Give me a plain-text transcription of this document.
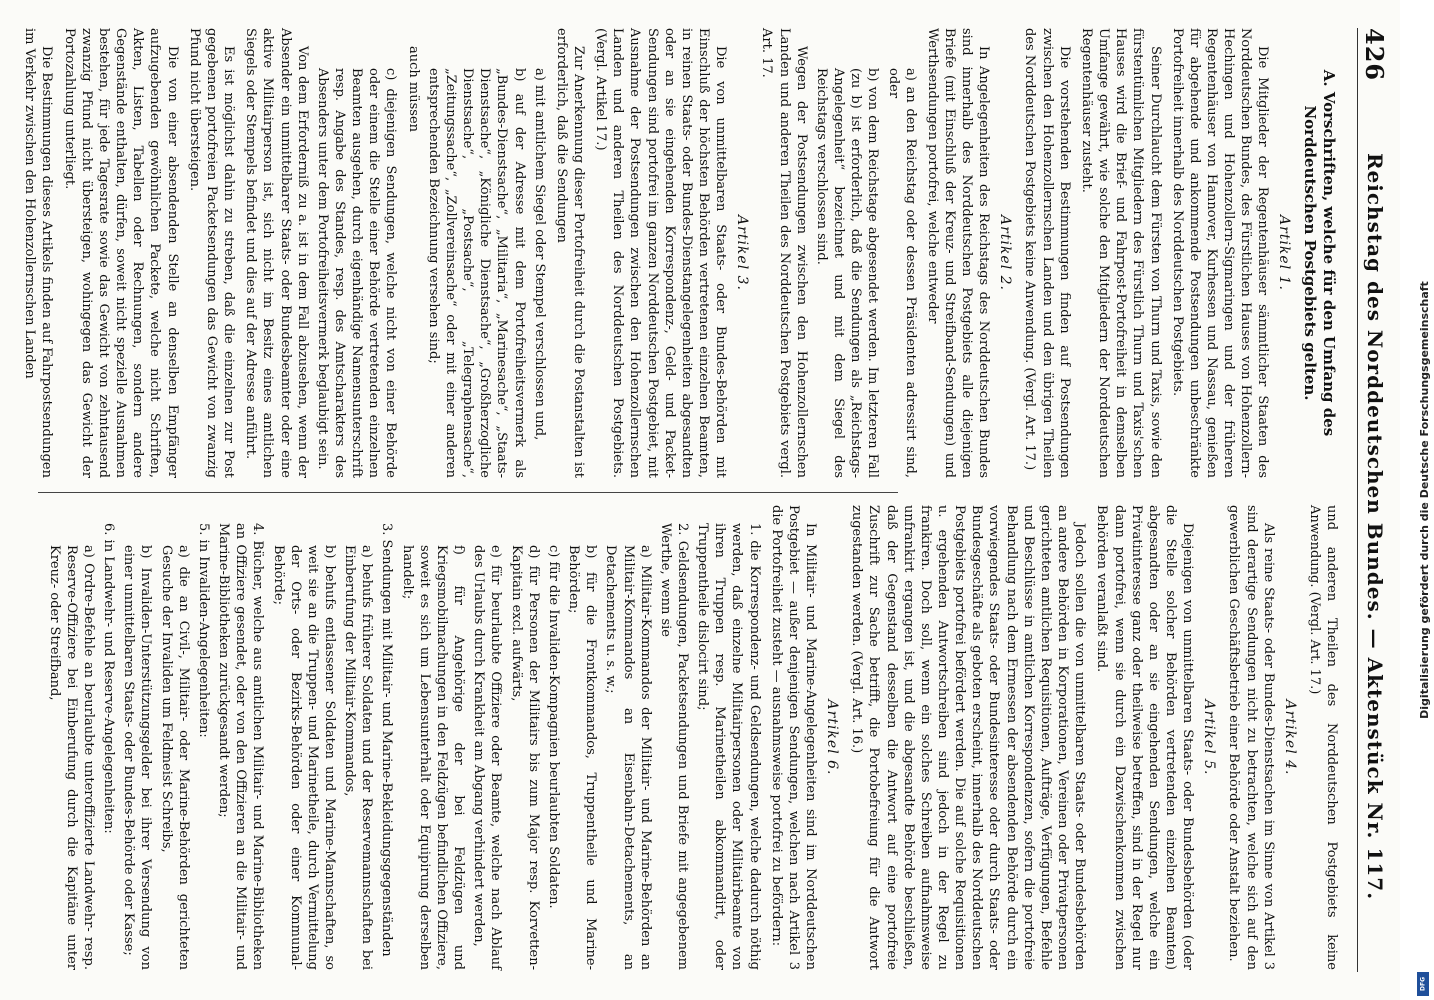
426
Reichstag des Norddeutschen Bundes. — Aktenstück Nr. 117.
A. Vorschriften, welche für den Umfang des Norddeutschen Postgebiets gelten.
Artikel 1.

Die Mitglieder der Regentenhäuser sämmtlicher Staaten des Norddeutschen Bundes, des Fürstlichen Hauses von Hohenzollern-Hechingen und Hohenzollern-Sigmaringen und der früheren Regentenhäuser von Hannover, Kurhessen und Nassau, genießen für abgehende und ankommende Postsendungen unbeschränkte Portofreiheit innerhalb des Norddeutschen Postgebiets.

Seiner Durchlaucht dem Fürsten von Thurn und Taxis, sowie den fürstentümlichen Mitgliedern des Fürstlich Thurn und Taxis'schen Hauses wird die Brief- und Fahrpost-Portofreiheit in demselben Umfange gewährt, wie solche den Mitgliedern der Norddeutschen Regentenhäuser zusteht.

Die vorstehenden Bestimmungen finden auf Postsendungen zwischen den Hohenzollernschen Landen und den übrigen Theilen des Norddeutschen Postgebiets keine Anwendung. (Vergl. Art. 17.)

Artikel 2.

In Angelegenheiten des Reichstags des Norddeutschen Bundes sind innerhalb des Norddeutschen Postgebiets alle diejenigen Briefe (mit Einschluß der Kreuz- und Streifband-Sendungen) und Werthsendungen portofrei, welche entweder

a) an den Reichstag oder dessen Präsidenten adressirt sind, oder
b) von dem Reichstage abgesendet werden. Im letzteren Fall (zu b) ist erforderlich, daß die Sendungen als „Reichstags-Angelegenheit“ bezeichnet und mit dem Siegel des Reichstags verschlossen sind.

Wegen der Postsendungen zwischen den Hohenzollernschen Landen und anderen Theilen des Norddeutschen Postgebiets vergl. Art. 17.

Artikel 3.

Die von unmittelbaren Staats- oder Bundes-Behörden mit Einschluß der höchsten Behörden vertretenen einzelnen Beamten, in reinen Staats- oder Bundes-Dienstangelegenheiten abgesandten oder an sie eingehenden Korrespondenz-, Geld- und Packet-Sendungen sind portofrei im ganzen Norddeutschen Postgebiet, mit Ausnahme der Postsendungen zwischen den Hohenzollernschen Landen und anderen Theilen des Norddeutschen Postgebiets. (Vergl. Artikel 17.)

Zur Anerkennung dieser Portofreiheit durch die Postanstalten ist erforderlich, daß die Sendungen

a) mit amtlichem Siegel oder Stempel verschlossen und,
b) auf der Adresse mit dem Portofreiheitsvermerk als „Bundes-Dienstsache“, „Militaria“, „Marinesache“, „Staats-Dienstsache“, „Königliche Dienstsache“, „Großherzogliche Dienstsache“, „Postsache“, „Telegraphensache“, „Zeitungssache“, „Zollvereinsache“ oder mit einer anderen entsprechenden Bezeichnung versehen sind;

auch müssen

c) diejenigen Sendungen, welche nicht von einer Behörde oder einem die Stelle einer Behörde vertretenden einzelnen Beamten ausgehen, durch eigenhändige Namensunterschrift resp. Angabe des Standes, resp. des Amtscharakters des Absenders unter dem Portofreiheitsvermerk beglaubigt sein.

Von dem Erforderniß zu a. ist in dem Fall abzusehen, wenn der Absender ein unmittelbarer Staats- oder Bundesbeamter oder eine aktive Militairperson ist, sich nicht im Besitz eines amtlichen Siegels oder Stempels befindet und dies auf der Adresse anführt.

Es ist möglichst dahin zu streben, daß die einzelnen zur Post gegebenen portofreien Packetsendungen das Gewicht von zwanzig Pfund nicht übersteigen.

Die von einer absendenden Stelle an denselben Empfänger aufzugebenden gewöhnlichen Packete, welche nicht Schriften, Akten, Listen, Tabellen oder Rechnungen, sondern andere Gegenstände enthalten, dürfen, soweit nicht spezielle Ausnahmen bestehen, für jede Tagesrate sowie das Gewicht von zehntausend zwanzig Pfund nicht übersteigen, wohingegen das Gewicht der Portozahlung unterliegt.

Die Bestimmungen dieses Artikels finden auf Fahrpostsendungen im Verkehr zwischen den Hohenzollernschen Landen

und anderen Theilen des Norddeutschen Postgebiets keine Anwendung. (Vergl. Art. 17.)

Artikel 4.

Als reine Staats- oder Bundes-Dienstsachen im Sinne von Artikel 3 sind derartige Sendungen nicht zu betrachten, welche sich auf den gewerblichen Geschäftsbetrieb einer Behörde oder Anstalt beziehen.

Artikel 5.

Diejenigen von unmittelbaren Staats- oder Bundesbehörden (oder die Stelle solcher Behörden vertretenden einzelnen Beamten) abgesandten oder an sie eingehenden Sendungen, welche ein Privatinteresse ganz oder theilweise betreffen, sind in der Regel nur dann portofrei, wenn sie durch ein Dazwischenkommen zwischen Behörden veranlaßt sind.

Jedoch sollen die von unmittelbaren Staats- oder Bundesbehörden an andere Behörden in Korporationen, Vereinen oder Privatpersonen gerichteten amtlichen Requisitionen, Aufträge, Verfügungen, Befehle und Beschlüsse in amtlichen Korrespondenzen, sofern die portofreie Behandlung nach dem Ermessen der absendenden Behörde durch ein vorwiegendes Staats- oder Bundesinteresse oder durch Staats- oder Bundesgeschäfte als geboten erscheint, innerhalb des Norddeutschen Postgebiets portofrei befördert werden. Die auf solche Requisitionen u. ergehenden Antwortschreiben sind jedoch in der Regel zu frankiren. Doch soll, wenn ein solches Schreiben aufnahmsweise unfrankirt ergangen ist, und die abgesandte Behörde beschließen, daß der Gegenstand desselben die Antwort auf eine portofreie Zuschrift zur Sache betrifft, die Portobefreiung für die Antwort zugestanden werden. (Vergl. Art. 16.)

Artikel 6.

In Militair- und Marine-Angelegenheiten sind im Norddeutschen Postgebiet — außer denjenigen Sendungen, welchen nach Artikel 3 die Portofreiheit zusteht — ausnahmsweise portofrei zu befördern:

1. die Korrespondenz- und Geldsendungen, welche dadurch nöthig werden, daß einzelne Militairpersonen oder Militairbeamte von ihren Truppen resp. Marinetheilen abkommandirt, oder Truppentheile dislocirt sind;
2. Geldsendungen, Packetsendungen und Briefe mit angegebenem Werthe, wenn sie
a) Militair-Kommandos der Militair- und Marine-Behörden an Militair-Kommandos an Eisenbahn-Detachements, an Detachements u. s. w.;
b) für die Frontkommandos, Truppentheile und Marine-Behörden;
c) für die Invaliden-Kompagnien beurlaubten Soldaten.
d) für Personen der Militairs bis zum Major resp. Korvetten-Kapitain excl. aufwärts,
e) für beurlaubte Offiziere oder Beamte, welche nach Ablauf des Urlaubs durch Krankheit am Abgang verhindert werden,
f) für Angehörige der bei Feldzügen und Kriegsmobilmachungen in den Feldzügen befindlichen Offiziere, soweit es sich um Lebensunterhalt oder Equipirung derselben handelt;
3. Sendungen mit Militair- und Marine-Bekleidungsgegenständen
a) behufs früherer Soldaten und der Reservemannschaften bei Einberufung der Militair-Kommandos,
b) behufs entlassener Soldaten und Marine-Mannschaften, so weit sie an die Truppen- und Marinetheile, durch Vermittelung der Orts- oder Bezirks-Behörden oder einer Kommunal-Behörde;
4. Bücher, welche aus amtlichen Militair- und Marine-Bibliotheken an Offiziere gesendet, oder von den Offizieren an die Militair- und Marine-Bibliotheken zurückgesandt werden;
5. in Invaliden-Angelegenheiten:
a) die an Civil-, Militair- oder Marine-Behörden gerichteten Gesuche der Invaliden um Feldmeist Schreibs,
b) Invaliden-Unterstützungsgelder bei ihrer Versendung von einer unmittelbaren Staats- oder Bundes-Behörde oder Kasse;
6. in Landwehr- und Reserve-Angelegenheiten:
a) Ordre-Befehle an beurlaubte unteroffizierte Landwehr- resp. Reserve-Offiziere bei Einberufung durch die Kapitäne unter Kreuz- oder Streifband,	Digitalisierung gefördert durch die Deutsche Forschungsgemeinschaft
DFG
